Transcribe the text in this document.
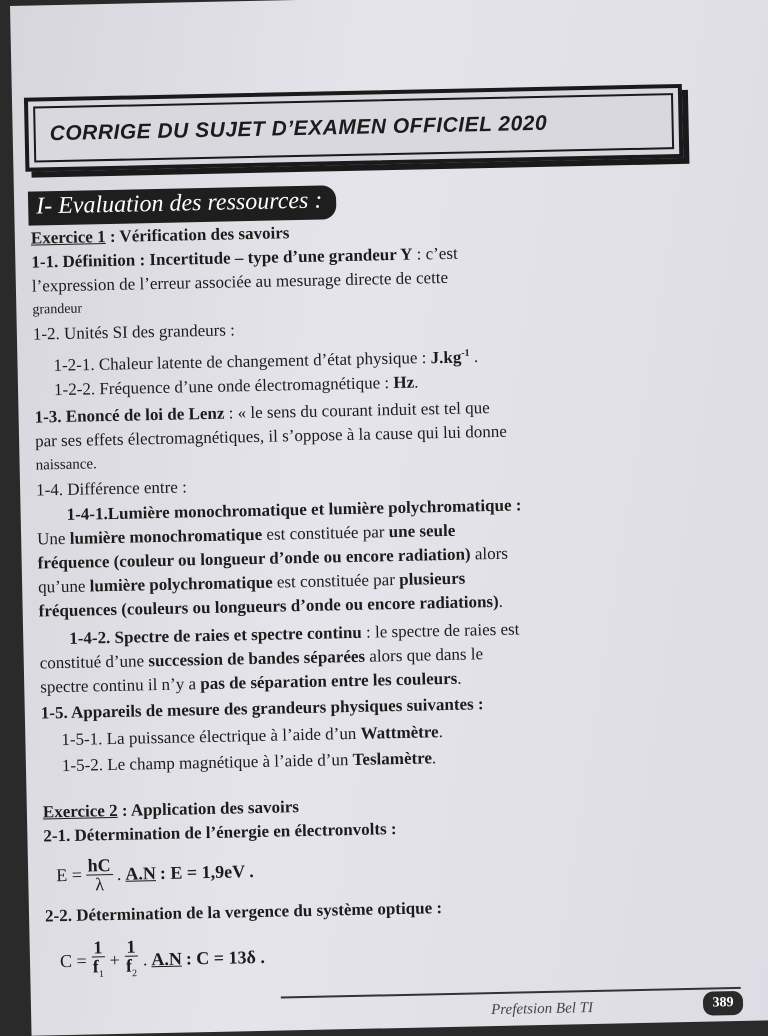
CORRIGE DU SUJET D’EXAMEN OFFICIEL 2020
I- Evaluation des ressources :
Exercice 1 : Vérification des savoirs
1-1. Définition : Incertitude – type d’une grandeur Y : c’est
l’expression de l’erreur associée au mesurage directe de cette
grandeur
1-2. Unités SI des grandeurs :
1-2-1. Chaleur latente de changement d’état physique : $J.kg^{-1}$ .
1-2-2. Fréquence d’une onde électromagnétique : Hz.
1-3. Enoncé de loi de Lenz : « le sens du courant induit est tel que
par ses effets électromagnétiques, il s’oppose à la cause qui lui donne
naissance.
1-4. Différence entre :
1-4-1.Lumière monochromatique et lumière polychromatique :
Une lumière monochromatique est constituée par une seule
fréquence (couleur ou longueur d’onde ou encore radiation) alors
qu’une lumière polychromatique est constituée par plusieurs
fréquences (couleurs ou longueurs d’onde ou encore radiations).
1-4-2. Spectre de raies et spectre continu : le spectre de raies est
constitué d’une succession de bandes séparées alors que dans le
spectre continu il n’y a pas de séparation entre les couleurs.
1-5. Appareils de mesure des grandeurs physiques suivantes :
1-5-1. La puissance électrique à l’aide d’un Wattmètre.
1-5-2. Le champ magnétique à l’aide d’un Teslamètre.
Exercice 2 : Application des savoirs
2-1. Détermination de l’énergie en électronvolts :
$E = \frac{hC}{\lambda}$ . A.N : E = 1,9eV .
2-2. Détermination de la vergence du système optique :
$C = \frac{1}{f_1} + \frac{1}{f_2}$ . A.N : C = 13δ .
Prefetsion Bel TI	389
